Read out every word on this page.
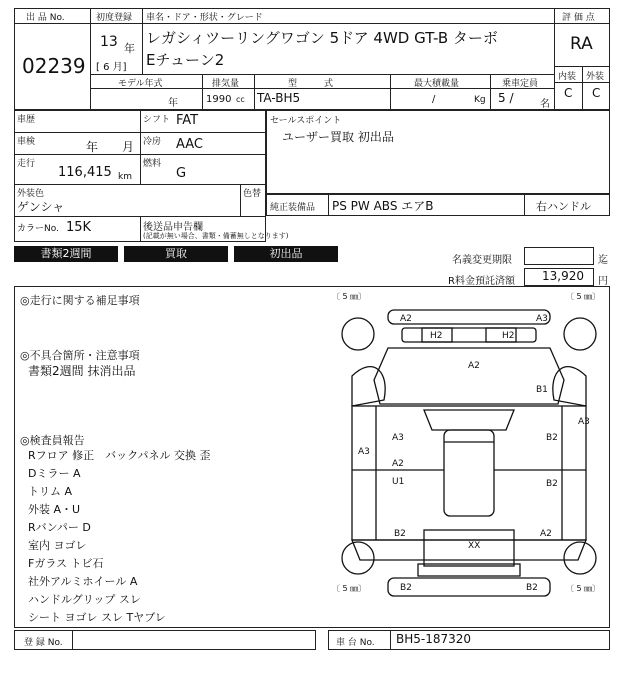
出 品 No.
02239
初度登録
13 年
[ 6 月]
車名・ドア・形状・グレード
レガシィツーリングワゴン 5ドア 4WD GT-B ターボ
Eチューン2
モデル年式
年
排気量
1990 cc
型　　　式
TA-BH5
最大積載量
/	Kg
乗車定員
5 /	名
評 価 点
RA
内装 外装
C C
車歴	シフト FAT
車検	年 月 冷房 AAC
走行
116,415 km
燃料
G
外装色
ゲンシャ
色替
カラーNo. 15K	後送品申告欄
(記載が無い場合、書類・備蓄無しとなります)
セールスポイント
ユーザー買取 初出品
純正装備品 PS PW ABS エアB	右ハンドル
書類2週間	買取	初出品
名義変更期限	迄
R料金預託済額 13,920 円
◎走行に関する補足事項
◎不具合箇所・注意事項
書類2週間 抹消出品
◎検査員報告
Rフロア 修正　バックパネル 交換 歪
Dミラー A
トリム A
外装 A・U
Rバンパー D
室内 ヨゴレ
Fガラス トビ石
社外アルミホイール A
ハンドルグリップ スレ
シート ヨゴレ スレ Tヤブレ
〔 5 ㎜〕	〔 5 ㎜〕
〔 5 ㎜〕	〔 5 ㎜〕
A2	A3
H2	H2
A2
B1
A3
A3
A3	B2
A2
U1	B2
B2	A2
XX
B2	B2
登 録 No.	車 台 No. BH5-187320
